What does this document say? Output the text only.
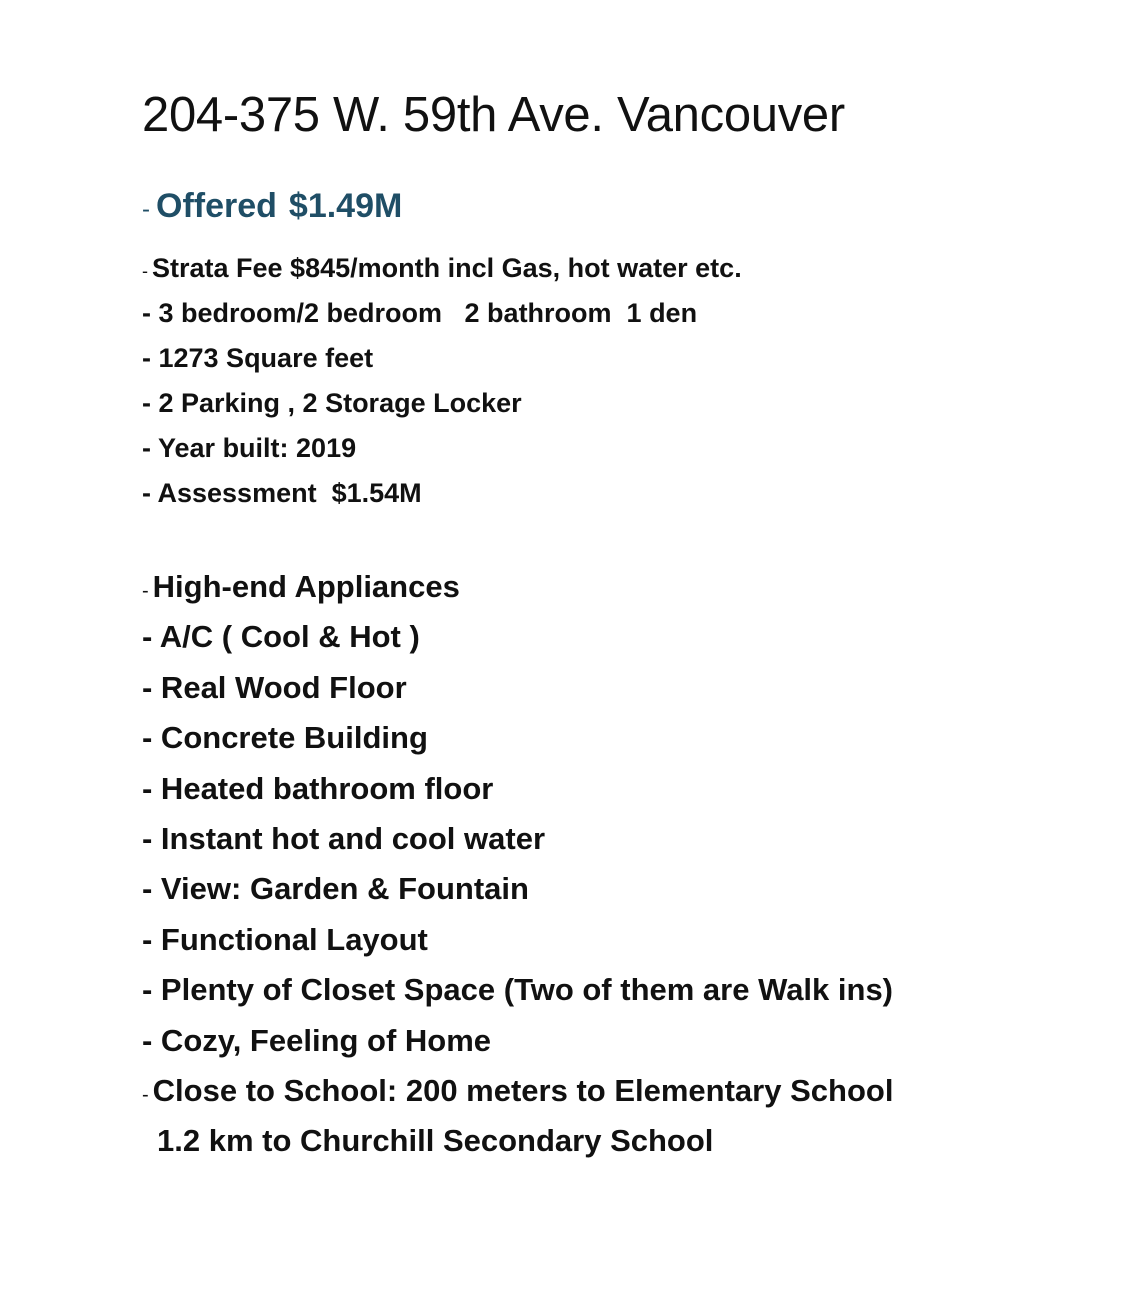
204-375 W. 59th Ave. Vancouver

- Offered $1.49M

- Strata Fee $845/month incl Gas, hot water etc.
- 3 bedroom/2 bedroom   2 bathroom  1 den
- 1273 Square feet
- 2 Parking , 2 Storage Locker
- Year built: 2019
- Assessment  $1.54M
- High-end Appliances
- A/C ( Cool & Hot )
- Real Wood Floor
- Concrete Building
- Heated bathroom floor
- Instant hot and cool water
- View: Garden & Fountain
- Functional Layout
- Plenty of Closet Space (Two of them are Walk ins)
- Cozy, Feeling of Home
- Close to School: 200 meters to Elementary School
1.2 km to Churchill Secondary School
